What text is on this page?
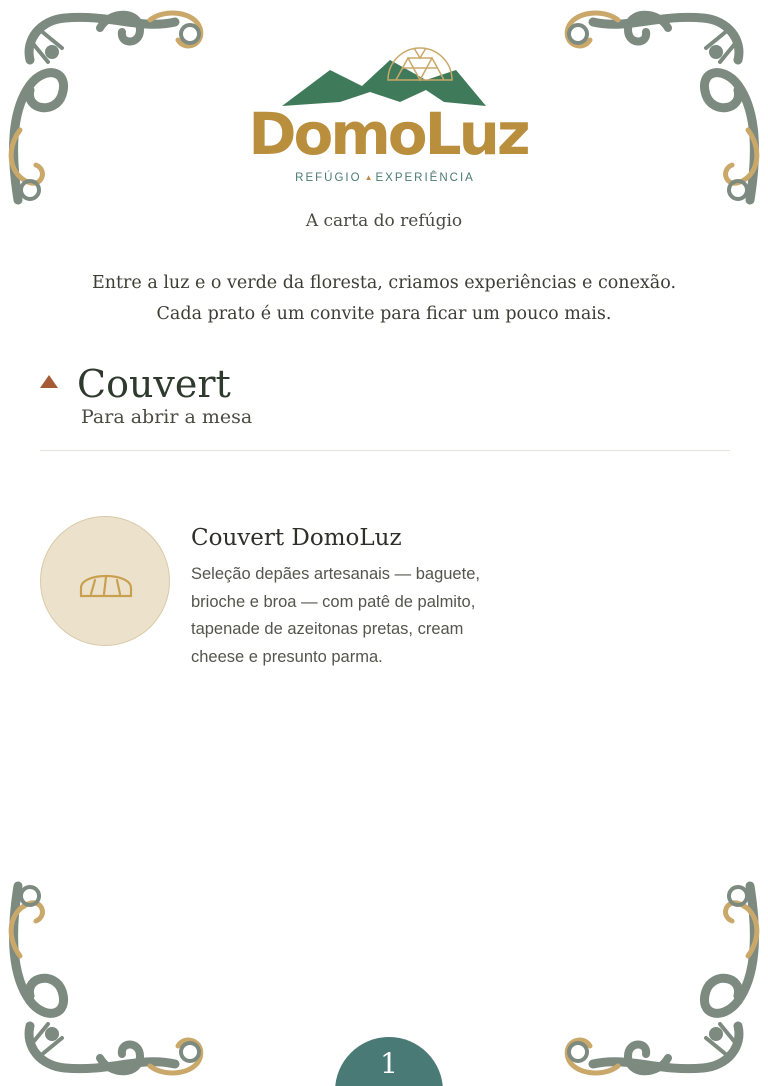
DomoLuz
REFÚGIO ▲ EXPERIÊNCIA
A carta do refúgio
Entre a luz e o verde da floresta, criamos experiências e conexão. Cada prato é um convite para ficar um pouco mais.
Couvert
Para abrir a mesa
Couvert DomoLuz
Seleção depães artesanais — baguete, brioche e broa — com patê de palmito, tapenade de azeitonas pretas, cream cheese e presunto parma.
1
